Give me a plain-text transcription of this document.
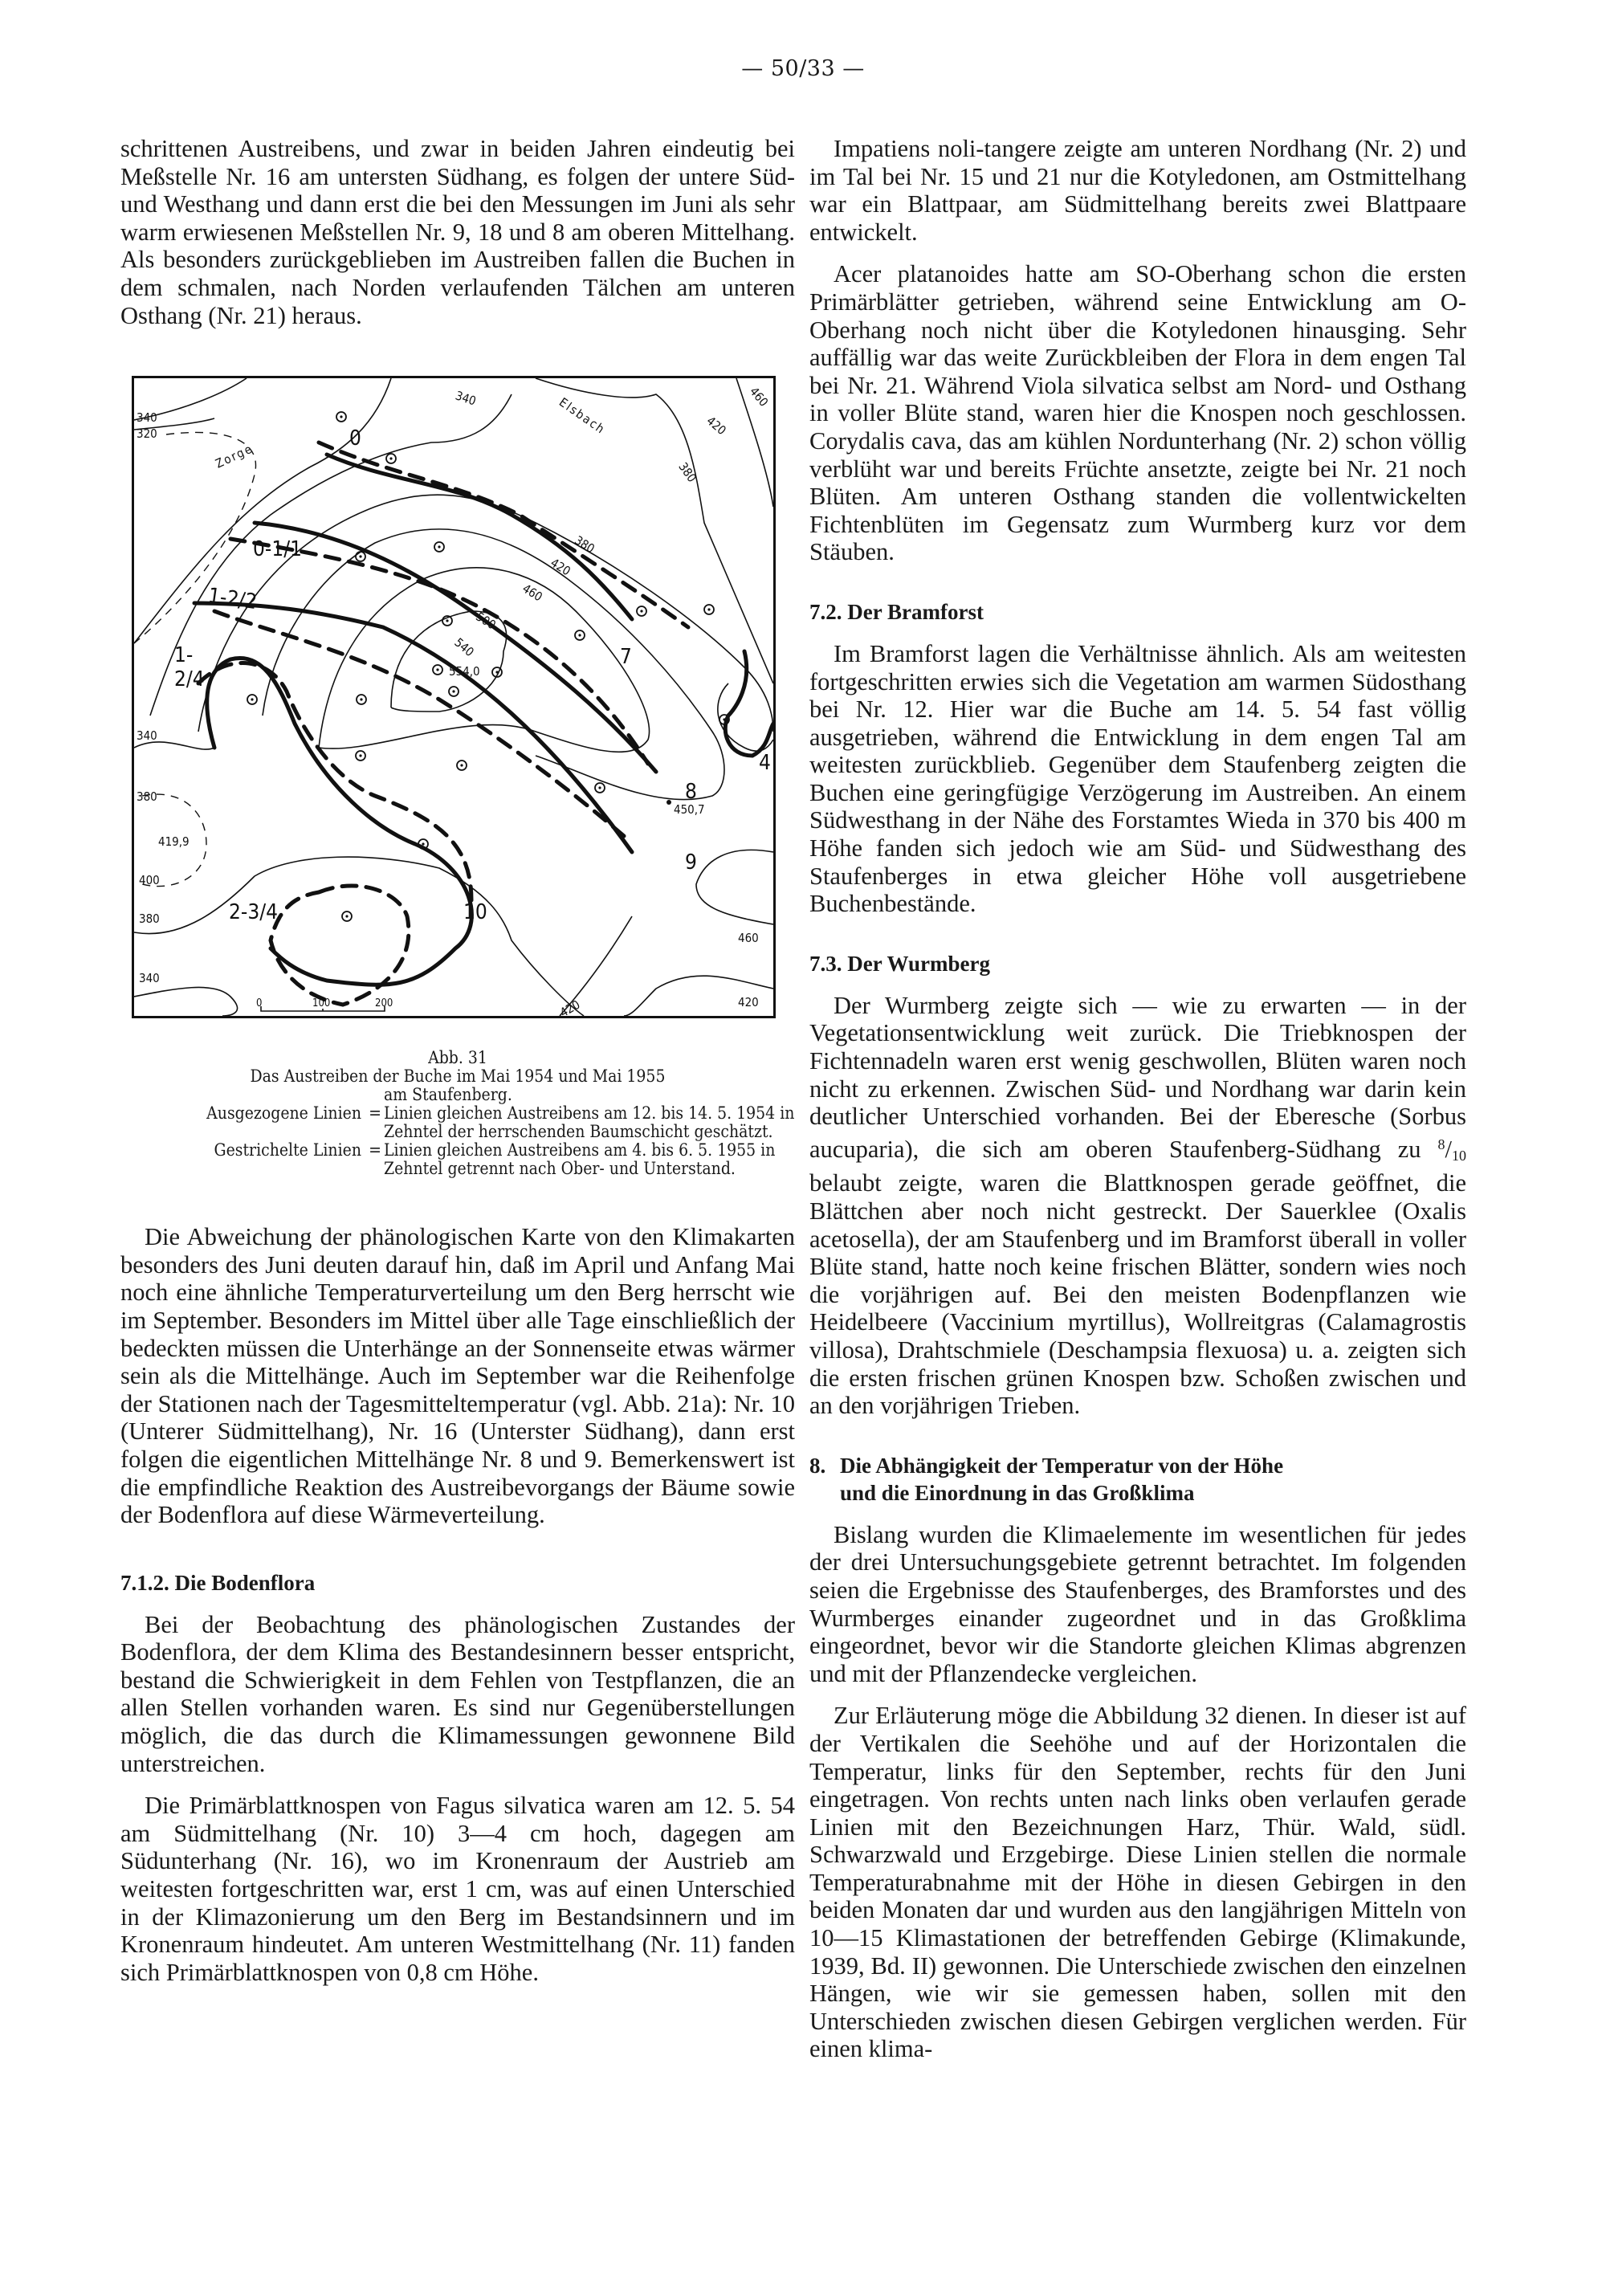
— 50/33 —

schrittenen Austreibens, und zwar in beiden Jahren eindeutig bei Meßstelle Nr. 16 am untersten Südhang, es folgen der untere Süd- und Westhang und dann erst die bei den Messungen im Juni als sehr warm erwiesenen Meßstellen Nr. 9, 18 und 8 am oberen Mittelhang. Als besonders zurückgeblieben im Austreiben fallen die Buchen in dem schmalen, nach Norden verlaufenden Tälchen am unteren Osthang (Nr. 21) heraus.

340
320
340
380
420
460
380
420
460
500
540
340
380
400
380
340
460
420	420
Zorge
Elsbach
554,0
419,9
450,7
0
0-1/1
1-2/2
1-2/4
2-3/4	10
9
8
7
4
0	100	200
Abb. 31
Das Austreiben der Buche im Mai 1954 und Mai 1955
am Staufenberg.
Ausgezogene Linien = Linien gleichen Austreibens am 12. bis 14. 5. 1954 in Zehntel der herrschenden Baumschicht geschätzt.
Gestrichelte Linien = Linien gleichen Austreibens am 4. bis 6. 5. 1955 in Zehntel getrennt nach Ober- und Unterstand.

Die Abweichung der phänologischen Karte von den Klimakarten besonders des Juni deuten darauf hin, daß im April und Anfang Mai noch eine ähnliche Temperaturverteilung um den Berg herrscht wie im September. Besonders im Mittel über alle Tage einschließlich der bedeckten müssen die Unterhänge an der Sonnenseite etwas wärmer sein als die Mittelhänge. Auch im September war die Reihenfolge der Stationen nach der Tagesmitteltemperatur (vgl. Abb. 21a): Nr. 10 (Unterer Südmittelhang), Nr. 16 (Unterster Südhang), dann erst folgen die eigentlichen Mittelhänge Nr. 8 und 9. Bemerkenswert ist die empfindliche Reaktion des Austreibevorgangs der Bäume sowie der Bodenflora auf diese Wärmeverteilung.

7.1.2. Die Bodenflora

Bei der Beobachtung des phänologischen Zustandes der Bodenflora, der dem Klima des Bestandesinnern besser entspricht, bestand die Schwierigkeit in dem Fehlen von Testpflanzen, die an allen Stellen vorhanden waren. Es sind nur Gegenüberstellungen möglich, die das durch die Klimamessungen gewonnene Bild unterstreichen.

Die Primärblattknospen von Fagus silvatica waren am 12. 5. 54 am Südmittelhang (Nr. 10) 3—4 cm hoch, dagegen am Südunterhang (Nr. 16), wo im Kronenraum der Austrieb am weitesten fortgeschritten war, erst 1 cm, was auf einen Unterschied in der Klimazonierung um den Berg im Bestandsinnern und im Kronenraum hindeutet. Am unteren Westmittelhang (Nr. 11) fanden sich Primärblattknospen von 0,8 cm Höhe.

Impatiens noli-tangere zeigte am unteren Nordhang (Nr. 2) und im Tal bei Nr. 15 und 21 nur die Kotyledonen, am Ostmittelhang war ein Blattpaar, am Südmittelhang bereits zwei Blattpaare entwickelt.

Acer platanoides hatte am SO-Oberhang schon die ersten Primärblätter getrieben, während seine Entwicklung am O-Oberhang noch nicht über die Kotyledonen hinausging. Sehr auffällig war das weite Zurückbleiben der Flora in dem engen Tal bei Nr. 21. Während Viola silvatica selbst am Nord- und Osthang in voller Blüte stand, waren hier die Knospen noch geschlossen. Corydalis cava, das am kühlen Nordunterhang (Nr. 2) schon völlig verblüht war und bereits Früchte ansetzte, zeigte bei Nr. 21 noch Blüten. Am unteren Osthang standen die vollentwickelten Fichtenblüten im Gegensatz zum Wurmberg kurz vor dem Stäuben.

7.2. Der Bramforst

Im Bramforst lagen die Verhältnisse ähnlich. Als am weitesten fortgeschritten erwies sich die Vegetation am warmen Südosthang bei Nr. 12. Hier war die Buche am 14. 5. 54 fast völlig ausgetrieben, während die Entwicklung in dem engen Tal am weitesten zurückblieb. Gegenüber dem Staufenberg zeigten die Buchen eine geringfügige Verzögerung im Austreiben. An einem Südwesthang in der Nähe des Forstamtes Wieda in 370 bis 400 m Höhe fanden sich jedoch wie am Süd- und Südwesthang des Staufenberges in etwa gleicher Höhe voll ausgetriebene Buchenbestände.

7.3. Der Wurmberg

Der Wurmberg zeigte sich — wie zu erwarten — in der Vegetationsentwicklung weit zurück. Die Triebknospen der Fichtennadeln waren erst wenig geschwollen, Blüten waren noch nicht zu erkennen. Zwischen Süd- und Nordhang war darin kein deutlicher Unterschied vorhanden. Bei der Eberesche (Sorbus aucuparia), die sich am oberen Staufenberg-Südhang zu $^8/_{10}$ belaubt zeigte, waren die Blattknospen gerade geöffnet, die Blättchen aber noch nicht gestreckt. Der Sauerklee (Oxalis acetosella), der am Staufenberg und im Bramforst überall in voller Blüte stand, hatte noch keine frischen Blätter, sondern wies noch die vorjährigen auf. Bei den meisten Bodenpflanzen wie Heidelbeere (Vaccinium myrtillus), Wollreitgras (Calamagrostis villosa), Drahtschmiele (Deschampsia flexuosa) u. a. zeigten sich die ersten frischen grünen Knospen bzw. Schoßen zwischen und an den vorjährigen Trieben.

8. Die Abhängigkeit der Temperatur von der Höhe
und die Einordnung in das Großklima

Bislang wurden die Klimaelemente im wesentlichen für jedes der drei Untersuchungsgebiete getrennt betrachtet. Im folgenden seien die Ergebnisse des Staufenberges, des Bramforstes und des Wurmberges einander zugeordnet und in das Großklima eingeordnet, bevor wir die Standorte gleichen Klimas abgrenzen und mit der Pflanzendecke vergleichen.

Zur Erläuterung möge die Abbildung 32 dienen. In dieser ist auf der Vertikalen die Seehöhe und auf der Horizontalen die Temperatur, links für den September, rechts für den Juni eingetragen. Von rechts unten nach links oben verlaufen gerade Linien mit den Bezeichnungen Harz, Thür. Wald, südl. Schwarzwald und Erzgebirge. Diese Linien stellen die normale Temperaturabnahme mit der Höhe in diesen Gebirgen in den beiden Monaten dar und wurden aus den langjährigen Mitteln von 10—15 Klimastationen der betreffenden Gebirge (Klimakunde, 1939, Bd. II) gewonnen. Die Unterschiede zwischen den einzelnen Hängen, wie wir sie gemessen haben, sollen mit den Unterschieden zwischen diesen Gebirgen verglichen werden. Für einen klima-
